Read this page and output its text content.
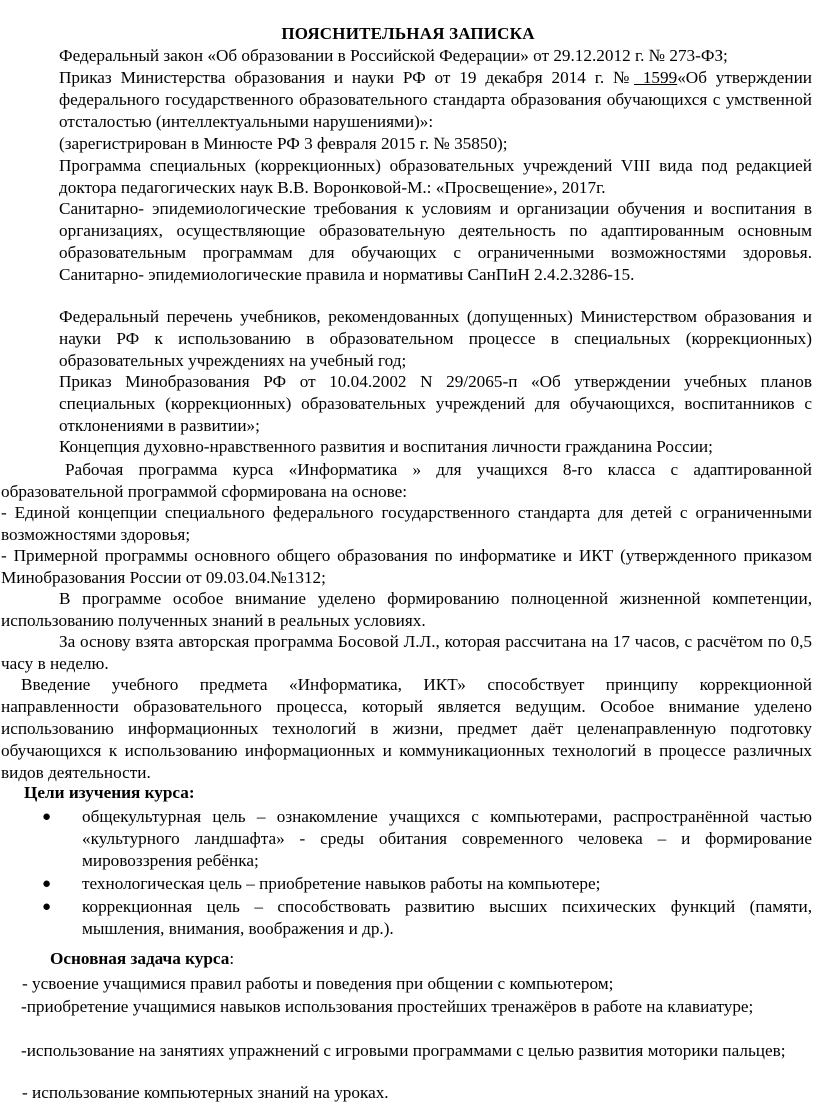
ПОЯСНИТЕЛЬНАЯ ЗАПИСКА
Федеральный закон «Об образовании в Российской Федерации» от 29.12.2012 г. № 273-ФЗ;
Приказ Министерства образования и науки РФ от 19 декабря 2014 г. № 1599«Об утверждении федерального государственного образовательного стандарта образования обучающихся с умственной отсталостью (интеллектуальными нарушениями)»:
(зарегистрирован в Минюсте РФ 3 февраля 2015 г. № 35850);
Программа специальных (коррекционных) образовательных учреждений VIII вида под редакцией доктора педагогических наук В.В. Воронковой-М.: «Просвещение», 2017г.
Санитарно- эпидемиологические требования к условиям и организации обучения и воспитания в организациях, осуществляющие образовательную деятельность по адаптированным основным образовательным программам для обучающих с ограниченными возможностями здоровья. Санитарно- эпидемиологические правила и нормативы СанПиН 2.4.2.3286-15.
Федеральный перечень учебников, рекомендованных (допущенных) Министерством образования и науки РФ к использованию в образовательном процессе в специальных (коррекционных) образовательных учреждениях на учебный год;
Приказ Минобразования РФ от 10.04.2002 N 29/2065-п «Об утверждении учебных планов специальных (коррекционных) образовательных учреждений для обучающихся, воспитанников с отклонениями в развитии»;
Концепция духовно-нравственного развития и воспитания личности гражданина России;
Рабочая программа курса «Информатика » для учащихся 8-го класса с адаптированной образовательной программой сформирована на основе:
- Единой концепции специального федерального государственного стандарта для детей с ограниченными возможностями здоровья;
- Примерной программы основного общего образования по информатике и ИКТ (утвержденного приказом Минобразования России от 09.03.04.№1312;
В программе особое внимание уделено формированию полноценной жизненной компетенции, использованию полученных знаний в реальных условиях.
За основу взята авторская программа Босовой Л.Л., которая рассчитана на 17 часов, с расчётом по 0,5 часу в неделю.
Введение учебного предмета «Информатика, ИКТ» способствует принципу коррекционной направленности образовательного процесса, который является ведущим. Особое внимание уделено использованию информационных технологий в жизни, предмет даёт целенаправленную подготовку обучающихся к использованию информационных и коммуникационных технологий в процессе различных видов деятельности.
Цели изучения курса:
● общекультурная цель – ознакомление учащихся с компьютерами, распространённой частью «культурного ландшафта» - среды обитания современного человека – и формирование мировоззрения ребёнка;
● технологическая цель – приобретение навыков работы на компьютере;
● коррекционная цель – способствовать развитию высших психических функций (памяти, мышления, внимания, воображения и др.).
Основная задача курса:
- усвоение учащимися правил работы и поведения при общении с компьютером;
-приобретение учащимися навыков использования простейших тренажёров в работе на клавиатуре;
-использование на занятиях упражнений с игровыми программами с целью развития моторики пальцев;
- использование компьютерных знаний на уроках.
